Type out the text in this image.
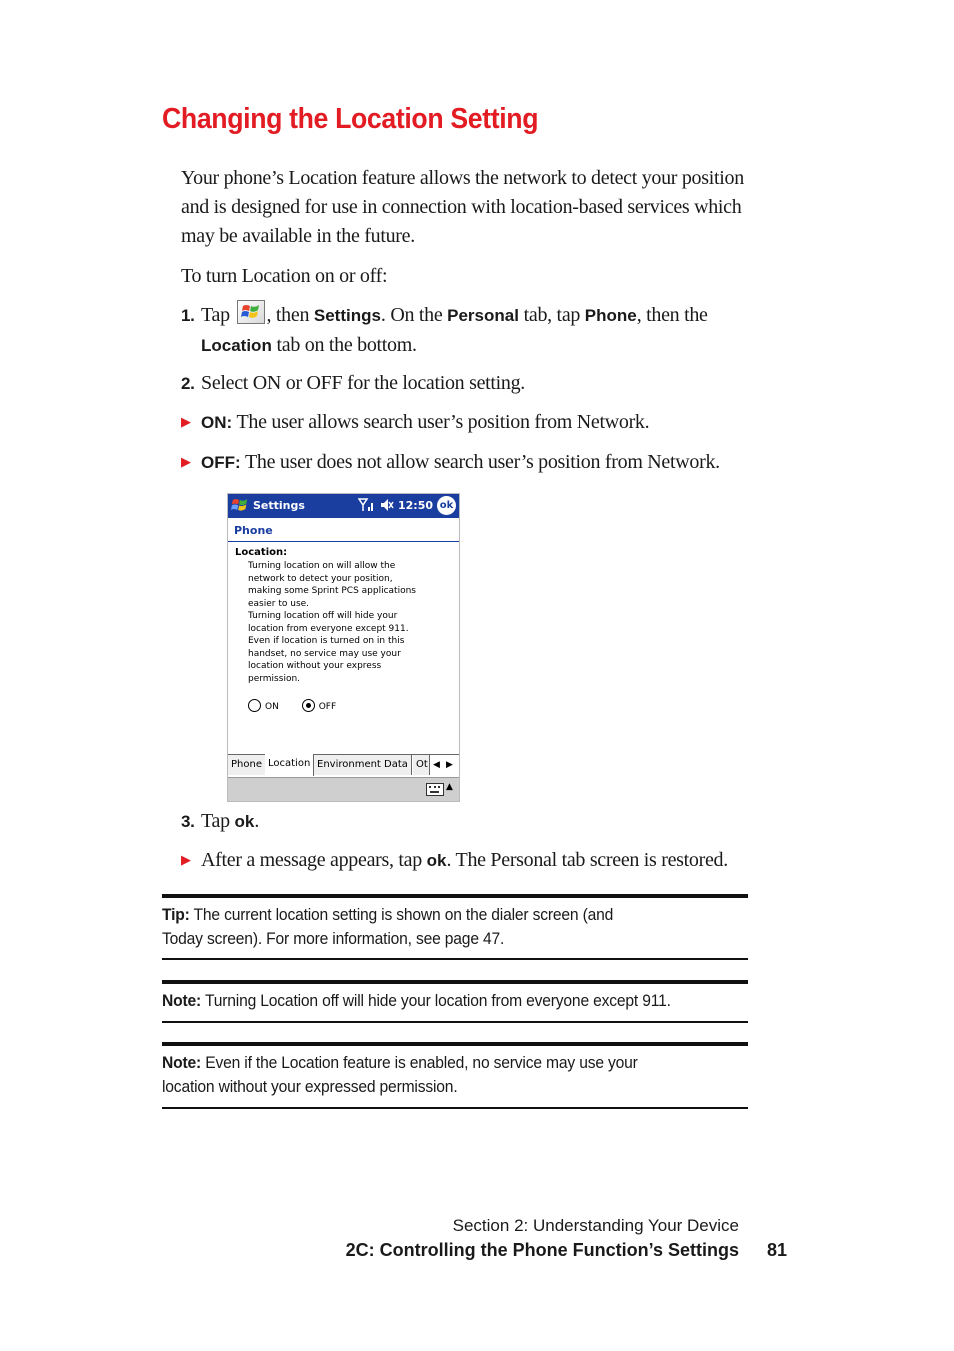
Changing the Location Setting
Your phone’s Location feature allows the network to detect your position
and is designed for use in connection with location-based services which
may be available in the future.
To turn Location on or off:
1. Tap , then Settings. On the Personal tab, tap Phone, then the
Location tab on the bottom.
2. Select ON or OFF for the location setting.
▶ ON: The user allows search user’s position from Network.
▶ OFF: The user does not allow search user’s position from Network.
Settings	12:50 ok
Phone
Location:
Turning location on will allow the
network to detect your position,
making some Sprint PCS applications
easier to use.
Turning location off will hide your
location from everyone except 911.
Even if location is turned on in this
handset, no service may use your
location without your express
permission.
ON	OFF
Phone Location Environment Data Ot ◀ ▶
▲
3. Tap ok.
▶ After a message appears, tap ok. The Personal tab screen is restored.
Tip: The current location setting is shown on the dialer screen (and
Today screen). For more information, see page 47.
Note: Turning Location off will hide your location from everyone except 911.
Note: Even if the Location feature is enabled, no service may use your
location without your expressed permission.
Section 2: Understanding Your Device
2C: Controlling the Phone Function’s Settings 81
